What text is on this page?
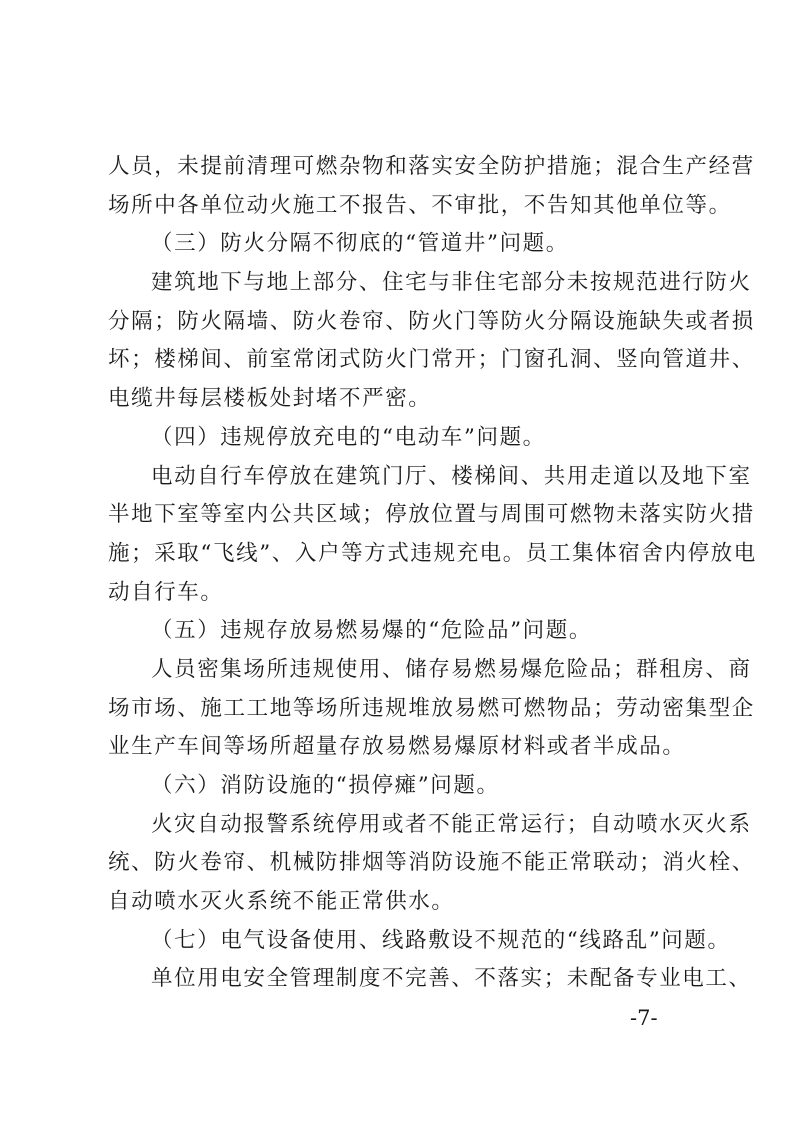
人员，未提前清理可燃杂物和落实安全防护措施；混合生产经营
场所中各单位动火施工不报告、不审批，不告知其他单位等。
（三）防火分隔不彻底的“管道井”问题。
建筑地下与地上部分、住宅与非住宅部分未按规范进行防火
分隔；防火隔墙、防火卷帘、防火门等防火分隔设施缺失或者损
坏；楼梯间、前室常闭式防火门常开；门窗孔洞、竖向管道井、
电缆井每层楼板处封堵不严密。
（四）违规停放充电的“电动车”问题。
电动自行车停放在建筑门厅、楼梯间、共用走道以及地下室
半地下室等室内公共区域；停放位置与周围可燃物未落实防火措
施；采取“飞线”、入户等方式违规充电。员工集体宿舍内停放电
动自行车。
（五）违规存放易燃易爆的“危险品”问题。
人员密集场所违规使用、储存易燃易爆危险品；群租房、商
场市场、施工工地等场所违规堆放易燃可燃物品；劳动密集型企
业生产车间等场所超量存放易燃易爆原材料或者半成品。
（六）消防设施的“损停瘫”问题。
火灾自动报警系统停用或者不能正常运行；自动喷水灭火系
统、防火卷帘、机械防排烟等消防设施不能正常联动；消火栓、
自动喷水灭火系统不能正常供水。
（七）电气设备使用、线路敷设不规范的“线路乱”问题。
单位用电安全管理制度不完善、不落实；未配备专业电工、
-7-
